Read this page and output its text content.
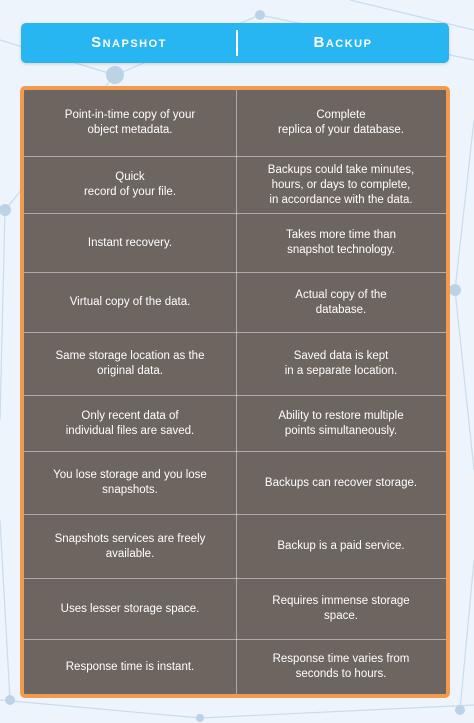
Snapshot	Backup
Point-in-time copy of your
object metadata.
Complete
replica of your database.
Quick
record of your file.
Backups could take minutes,
hours, or days to complete,
in accordance with the data.
Instant recovery.
Takes more time than
snapshot technology.
Virtual copy of the data.
Actual copy of the
database.
Same storage location as the
original data.
Saved data is kept
in a separate location.
Only recent data of
individual files are saved.
Ability to restore multiple
points simultaneously.
You lose storage and you lose
snapshots.
Backups can recover storage.
Snapshots services are freely
available.
Backup is a paid service.
Uses lesser storage space.
Requires immense storage
space.
Response time is instant.
Response time varies from
seconds to hours.
